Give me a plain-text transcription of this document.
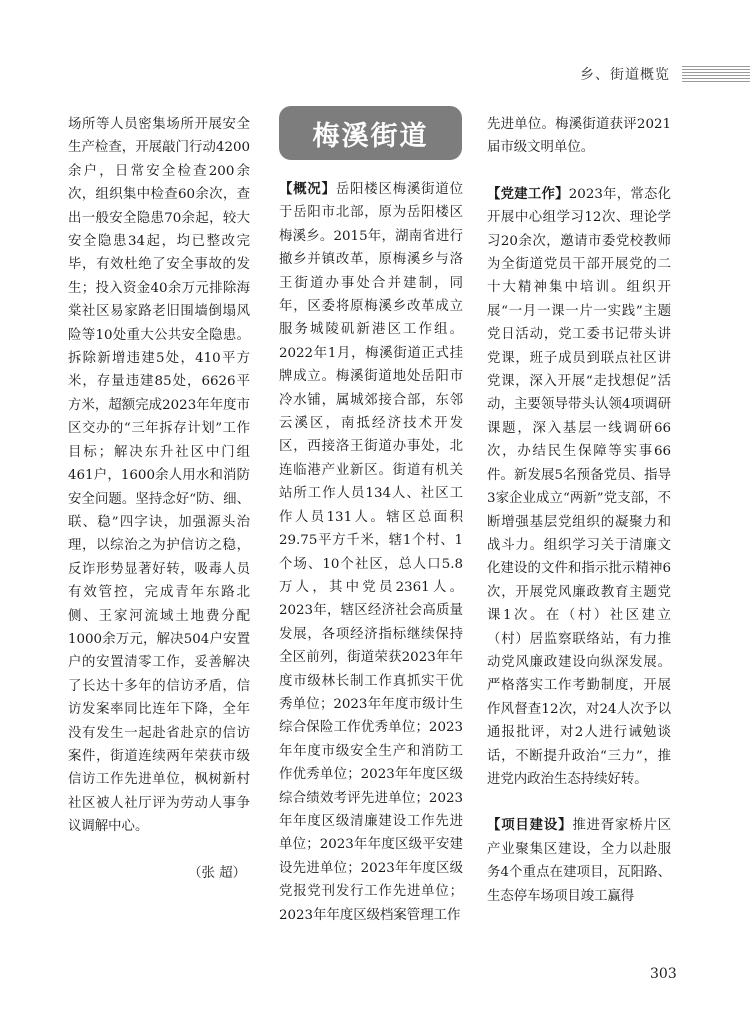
乡、街道概览

场所等人员密集场所开展安全生产检查，开展敲门行动4200余户，日常安全检查200余次，组织集中检查60余次，查出一般安全隐患70余起，较大安全隐患34起，均已整改完毕，有效杜绝了安全事故的发生；投入资金40余万元排除海棠社区易家路老旧围墙倒塌风险等10处重大公共安全隐患。拆除新增违建5处，410平方米，存量违建85处，6626平方米，超额完成2023年年度市区交办的“三年拆存计划”工作目标；解决东升社区中门组461户，1600余人用水和消防安全问题。坚持念好“防、细、联、稳”四字诀，加强源头治理，以综治之为护信访之稳，反诈形势显著好转，吸毒人员有效管控，完成青年东路北侧、王家河流域土地费分配1000余万元，解决504户安置户的安置清零工作，妥善解决了长达十多年的信访矛盾，信访发案率同比连年下降，全年没有发生一起赴省赴京的信访案件，街道连续两年荣获市级信访工作先进单位，枫树新村社区被人社厅评为劳动人事争议调解中心。

（张 超）

梅溪街道

【概况】岳阳楼区梅溪街道位于岳阳市北部，原为岳阳楼区梅溪乡。2015年，湖南省进行撤乡并镇改革，原梅溪乡与洛王街道办事处合并建制，同年，区委将原梅溪乡改革成立服务城陵矶新港区工作组。2022年1月，梅溪街道正式挂牌成立。梅溪街道地处岳阳市冷水铺，属城郊接合部，东邻云溪区，南抵经济技术开发区，西接洛王街道办事处，北连临港产业新区。街道有机关站所工作人员134人、社区工作人员131人。辖区总面积29.75平方千米，辖1个村、1个场、10个社区，总人口5.8万人，其中党员2361人。2023年，辖区经济社会高质量发展，各项经济指标继续保持全区前列，街道荣获2023年年度市级林长制工作真抓实干优秀单位；2023年年度市级计生综合保险工作优秀单位；2023年年度市级安全生产和消防工作优秀单位；2023年年度区级综合绩效考评先进单位；2023年年度区级清廉建设工作先进单位；2023年年度区级平安建设先进单位；2023年年度区级党报党刊发行工作先进单位；2023年年度区级档案管理工作

先进单位。梅溪街道获评2021届市级文明单位。

【党建工作】2023年，常态化开展中心组学习12次、理论学习20余次，邀请市委党校教师为全街道党员干部开展党的二十大精神集中培训。组织开展“一月一课一片一实践”主题党日活动，党工委书记带头讲党课，班子成员到联点社区讲党课，深入开展“走找想促”活动，主要领导带头认领4项调研课题，深入基层一线调研66次，办结民生保障等实事66件。新发展5名预备党员、指导3家企业成立“两新”党支部，不断增强基层党组织的凝聚力和战斗力。组织学习关于清廉文化建设的文件和指示批示精神6次，开展党风廉政教育主题党课1次。在（村）社区建立（村）居监察联络站，有力推动党风廉政建设向纵深发展。严格落实工作考勤制度，开展作风督查12次，对24人次予以通报批评，对2人进行诫勉谈话，不断提升政治“三力”，推进党内政治生态持续好转。

【项目建设】推进胥家桥片区产业聚集区建设，全力以赴服务4个重点在建项目，瓦阳路、生态停车场项目竣工赢得

303
